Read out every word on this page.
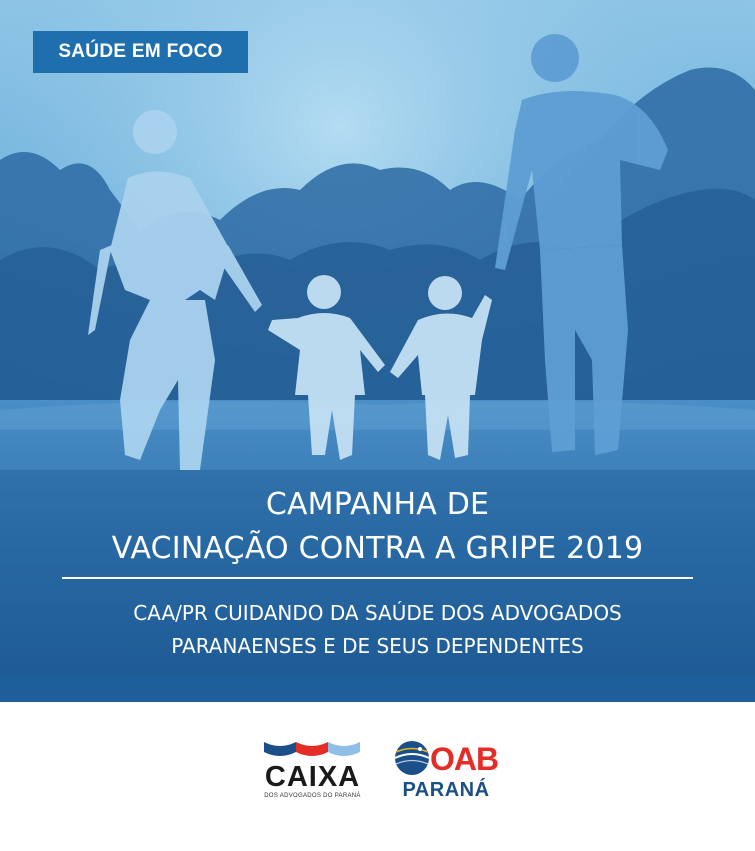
SAÚDE EM FOCO
CAMPANHA DE
VACINAÇÃO CONTRA A GRIPE 2019
CAA/PR CUIDANDO DA SAÚDE DOS ADVOGADOS
PARANAENSES E DE SEUS DEPENDENTES
CAIXA
DOS ADVOGADOS DO PARANÁ
OAB
PARANÁ
